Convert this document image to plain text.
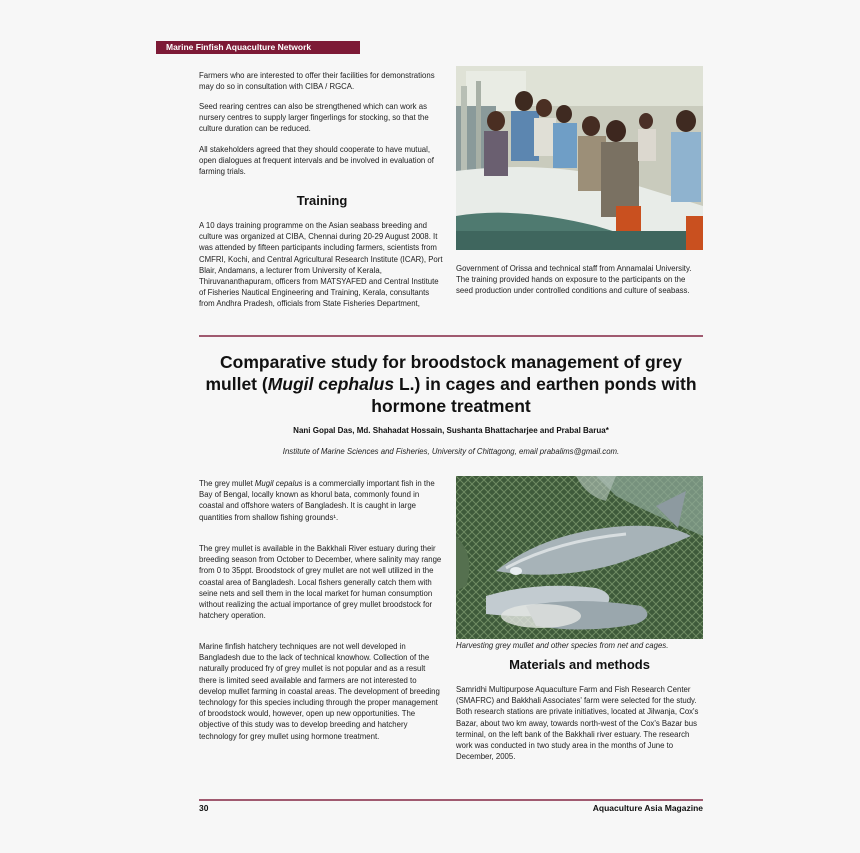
Marine Finfish Aquaculture Network

Farmers who are interested to offer their facilities for demonstrations may do so in consultation with CIBA / RGCA.

Seed rearing centres can also be strengthened which can work as nursery centres to supply larger fingerlings for stocking, so that the culture duration can be reduced.

All stakeholders agreed that they should cooperate to have mutual, open dialogues at frequent intervals and be involved in evaluation of farming trials.

Training

A 10 days training programme on the Asian seabass breeding and culture was organized at CIBA, Chennai during 20-29 August 2008. It was attended by fifteen participants including farmers, scientists from CMFRI, Kochi, and Central Agricultural Research Institute (ICAR), Port Blair, Andamans, a lecturer from University of Kerala, Thiruvananthapuram, officers from MATSYAFED and Central Institute of Fisheries Nautical Engineering and Training, Kerala, consultants from Andhra Pradesh, officials from State Fisheries Department,

Government of Orissa and technical staff from Annamalai University. The training provided hands on exposure to the participants on the seed production under controlled conditions and culture of seabass.

Comparative study for broodstock management of grey mullet (Mugil cephalus L.) in cages and earthen ponds with hormone treatment
Nani Gopal Das, Md. Shahadat Hossain, Sushanta Bhattacharjee and Prabal Barua*
Institute of Marine Sciences and Fisheries, University of Chittagong, email prabalims@gmail.com.

The grey mullet Mugil cepalus is a commercially important fish in the Bay of Bengal, locally known as khorul bata, commonly found in coastal and offshore waters of Bangladesh. It is caught in large quantities from shallow fishing grounds¹.

The grey mullet is available in the Bakkhali River estuary during their breeding season from October to December, where salinity may range from 0 to 35ppt. Broodstock of grey mullet are not well utilized in the coastal area of Bangladesh. Local fishers generally catch them with seine nets and sell them in the local market for human consumption without realizing the actual importance of grey mullet broodstock for hatchery operation.

Marine finfish hatchery techniques are not well developed in Bangladesh due to the lack of technical knowhow. Collection of the naturally produced fry of grey mullet is not popular and as a result there is limited seed available and farmers are not interested to develop mullet farming in coastal areas. The development of breeding technology for this species including through the proper management of broodstock would, however, open up new opportunities. The objective of this study was to develop breeding and hatchery technology for grey mullet using hormone treatment.

Harvesting grey mullet and other species from net and cages.
Materials and methods

Samridhi Multipurpose Aquaculture Farm and Fish Research Center (SMAFRC) and Bakkhali Associates' farm were selected for the study. Both research stations are private initiatives, located at Jilwanja, Cox's Bazar, about two km away, towards north-west of the Cox's Bazar bus terminal, on the left bank of the Bakkhali river estuary. The research work was conducted in two study area in the months of June to December, 2005.

30	Aquaculture Asia Magazine
